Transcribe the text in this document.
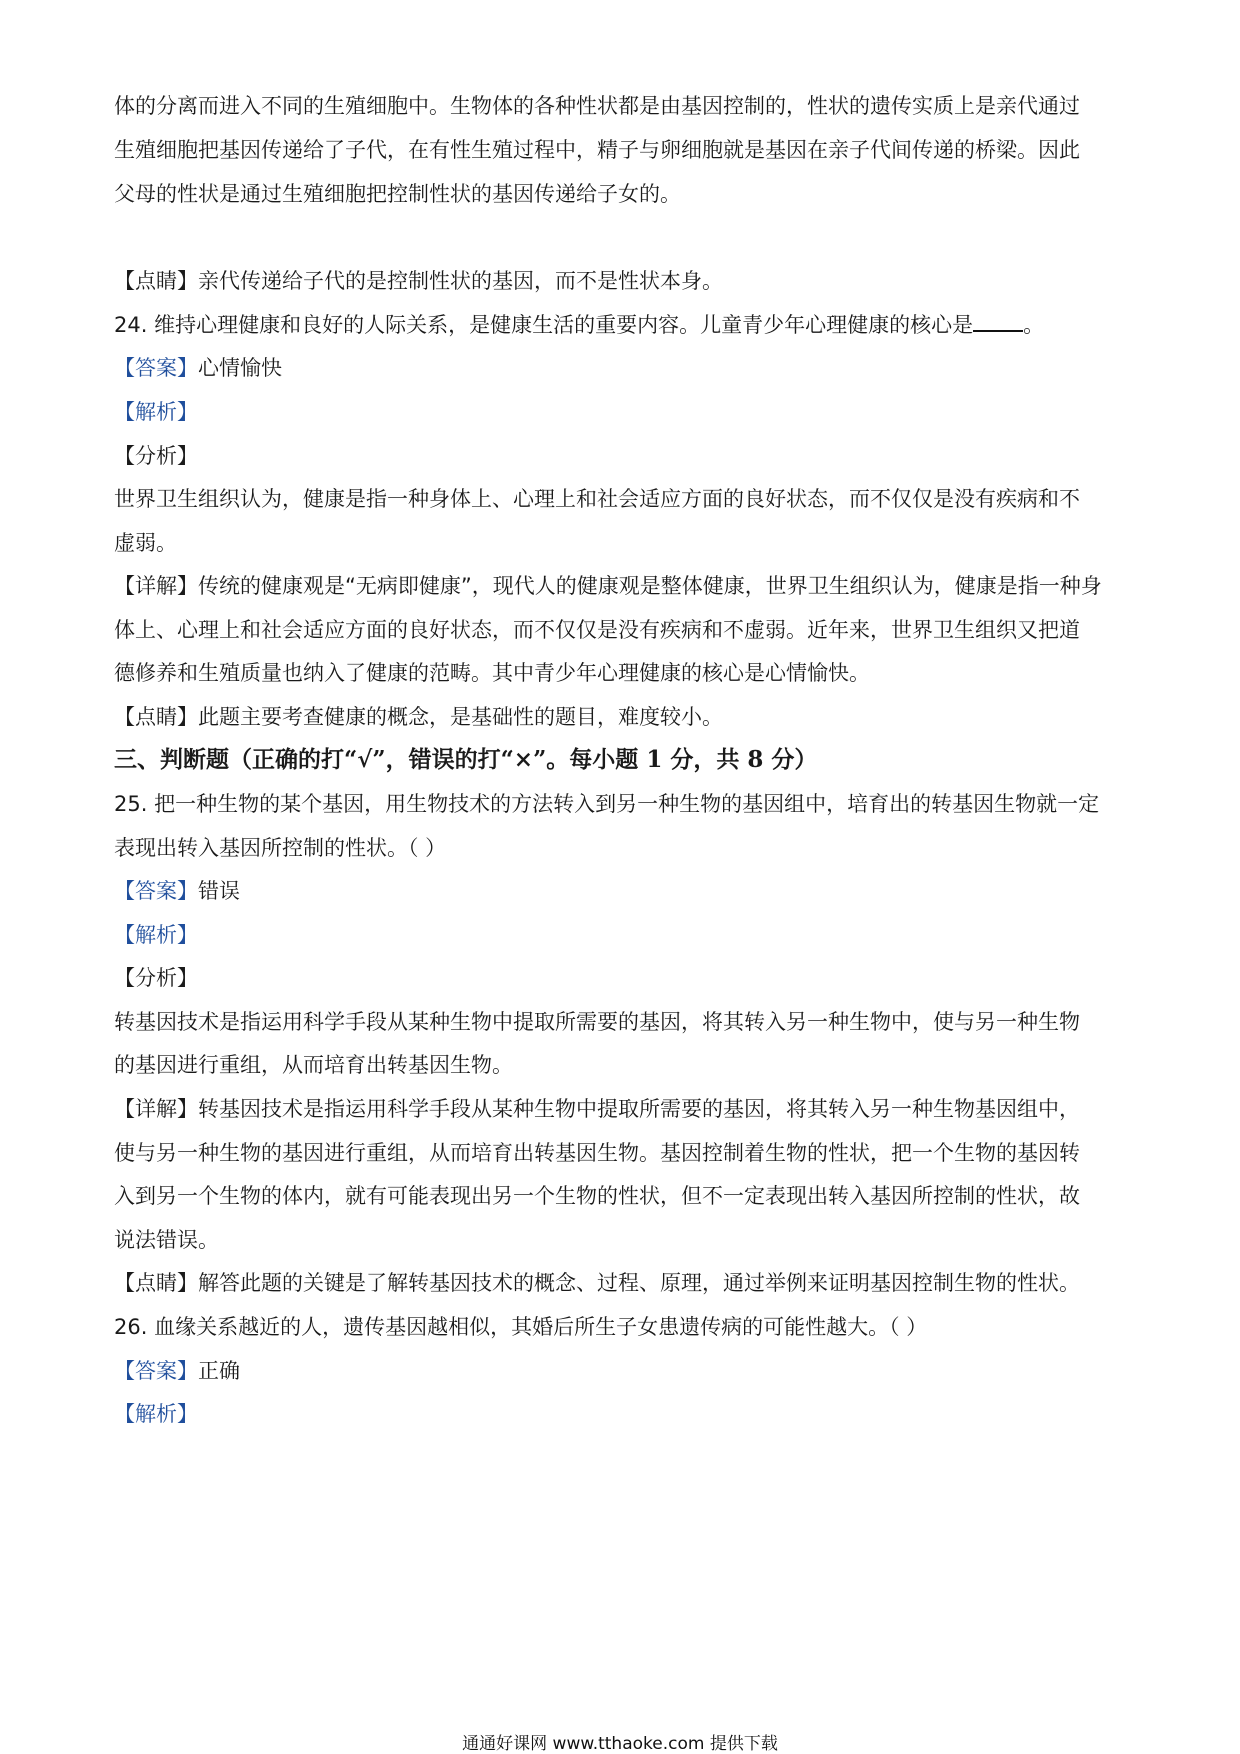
体的分离而进入不同的生殖细胞中。生物体的各种性状都是由基因控制的，性状的遗传实质上是亲代通过
生殖细胞把基因传递给了子代，在有性生殖过程中，精子与卵细胞就是基因在亲子代间传递的桥梁。因此
父母的性状是通过生殖细胞把控制性状的基因传递给子女的。
【点睛】亲代传递给子代的是控制性状的基因，而不是性状本身。
24. 维持心理健康和良好的人际关系，是健康生活的重要内容。儿童青少年心理健康的核心是 。
【答案】心情愉快
【解析】
【分析】
世界卫生组织认为，健康是指一种身体上、心理上和社会适应方面的良好状态，而不仅仅是没有疾病和不
虚弱。
【详解】传统的健康观是“无病即健康”，现代人的健康观是整体健康，世界卫生组织认为，健康是指一种身
体上、心理上和社会适应方面的良好状态，而不仅仅是没有疾病和不虚弱。近年来，世界卫生组织又把道
德修养和生殖质量也纳入了健康的范畴。其中青少年心理健康的核心是心情愉快。
【点睛】此题主要考查健康的概念，是基础性的题目，难度较小。
三、判断题（正确的打“√”，错误的打“×”。每小题 1 分，共 8 分）
25. 把一种生物的某个基因，用生物技术的方法转入到另一种生物的基因组中，培育出的转基因生物就一定
表现出转入基因所控制的性状。（ ）
【答案】错误
【解析】
【分析】
转基因技术是指运用科学手段从某种生物中提取所需要的基因，将其转入另一种生物中，使与另一种生物
的基因进行重组，从而培育出转基因生物。
【详解】转基因技术是指运用科学手段从某种生物中提取所需要的基因，将其转入另一种生物基因组中，
使与另一种生物的基因进行重组，从而培育出转基因生物。基因控制着生物的性状，把一个生物的基因转
入到另一个生物的体内，就有可能表现出另一个生物的性状，但不一定表现出转入基因所控制的性状，故
说法错误。
【点睛】解答此题的关键是了解转基因技术的概念、过程、原理，通过举例来证明基因控制生物的性状。
26. 血缘关系越近的人，遗传基因越相似，其婚后所生子女患遗传病的可能性越大。（ ）
【答案】正确
【解析】
通通好课网 www.tthaoke.com 提供下载
